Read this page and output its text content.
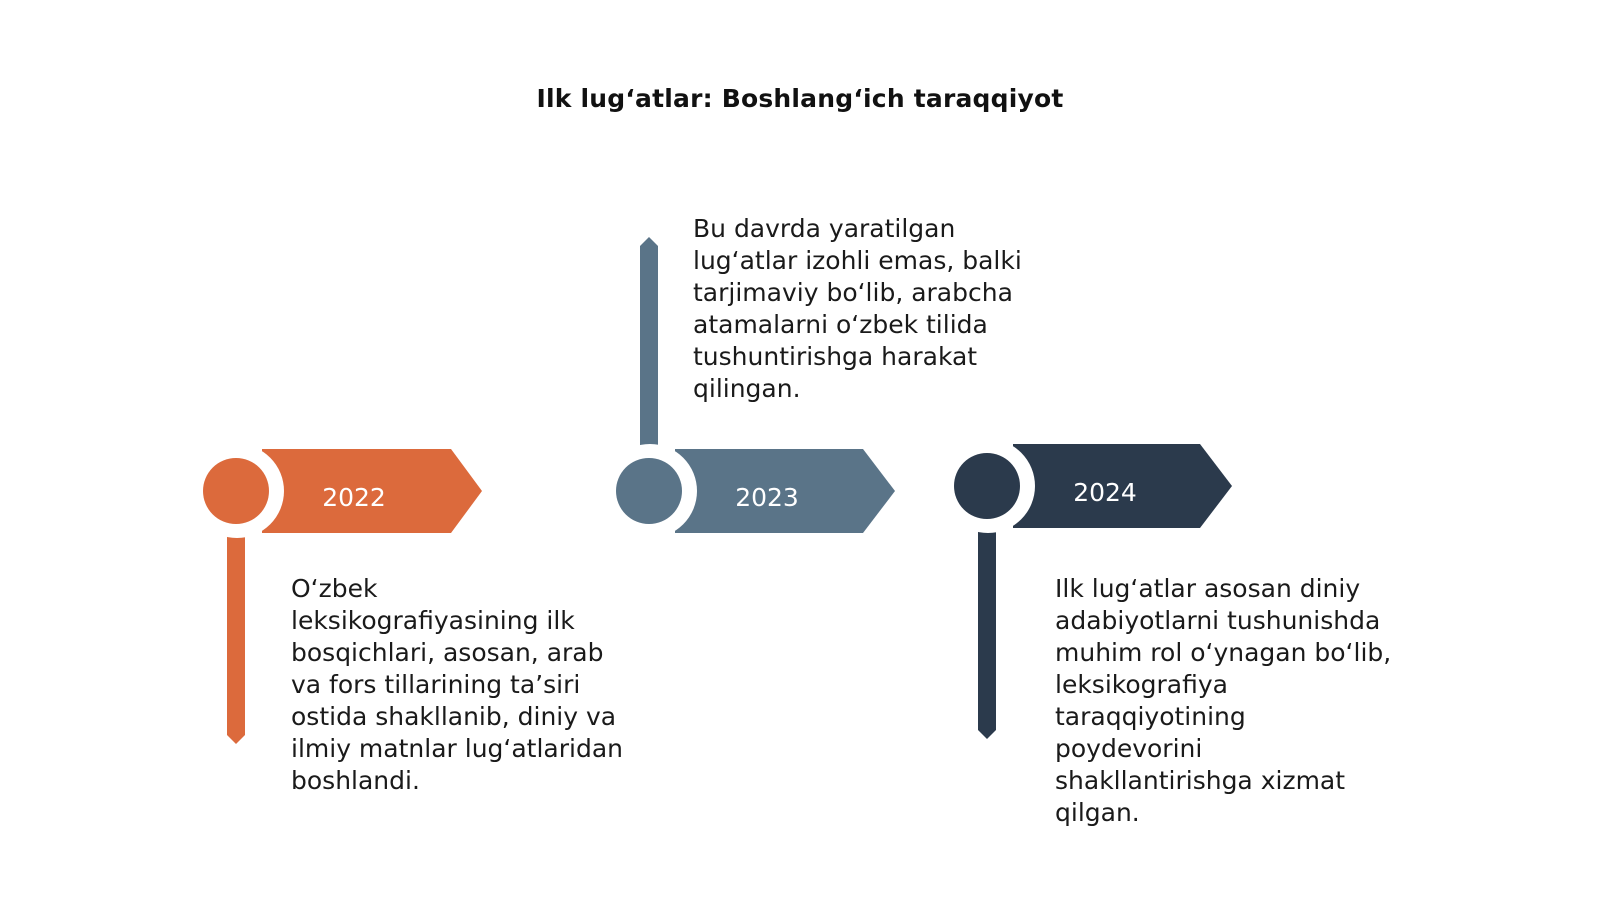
Ilk lug‘atlar: Boshlang‘ich taraqqiyot
2022	2023	2024
O‘zbek
leksikografiyasining ilk
bosqichlari, asosan, arab
va fors tillarining ta’siri
ostida shakllanib, diniy va
ilmiy matnlar lug‘atlaridan
boshlandi.
Bu davrda yaratilgan
lug‘atlar izohli emas, balki
tarjimaviy bo‘lib, arabcha
atamalarni o‘zbek tilida
tushuntirishga harakat
qilingan.
Ilk lug‘atlar asosan diniy
adabiyotlarni tushunishda
muhim rol o‘ynagan bo‘lib,
leksikografiya
taraqqiyotining
poydevorini
shakllantirishga xizmat
qilgan.
